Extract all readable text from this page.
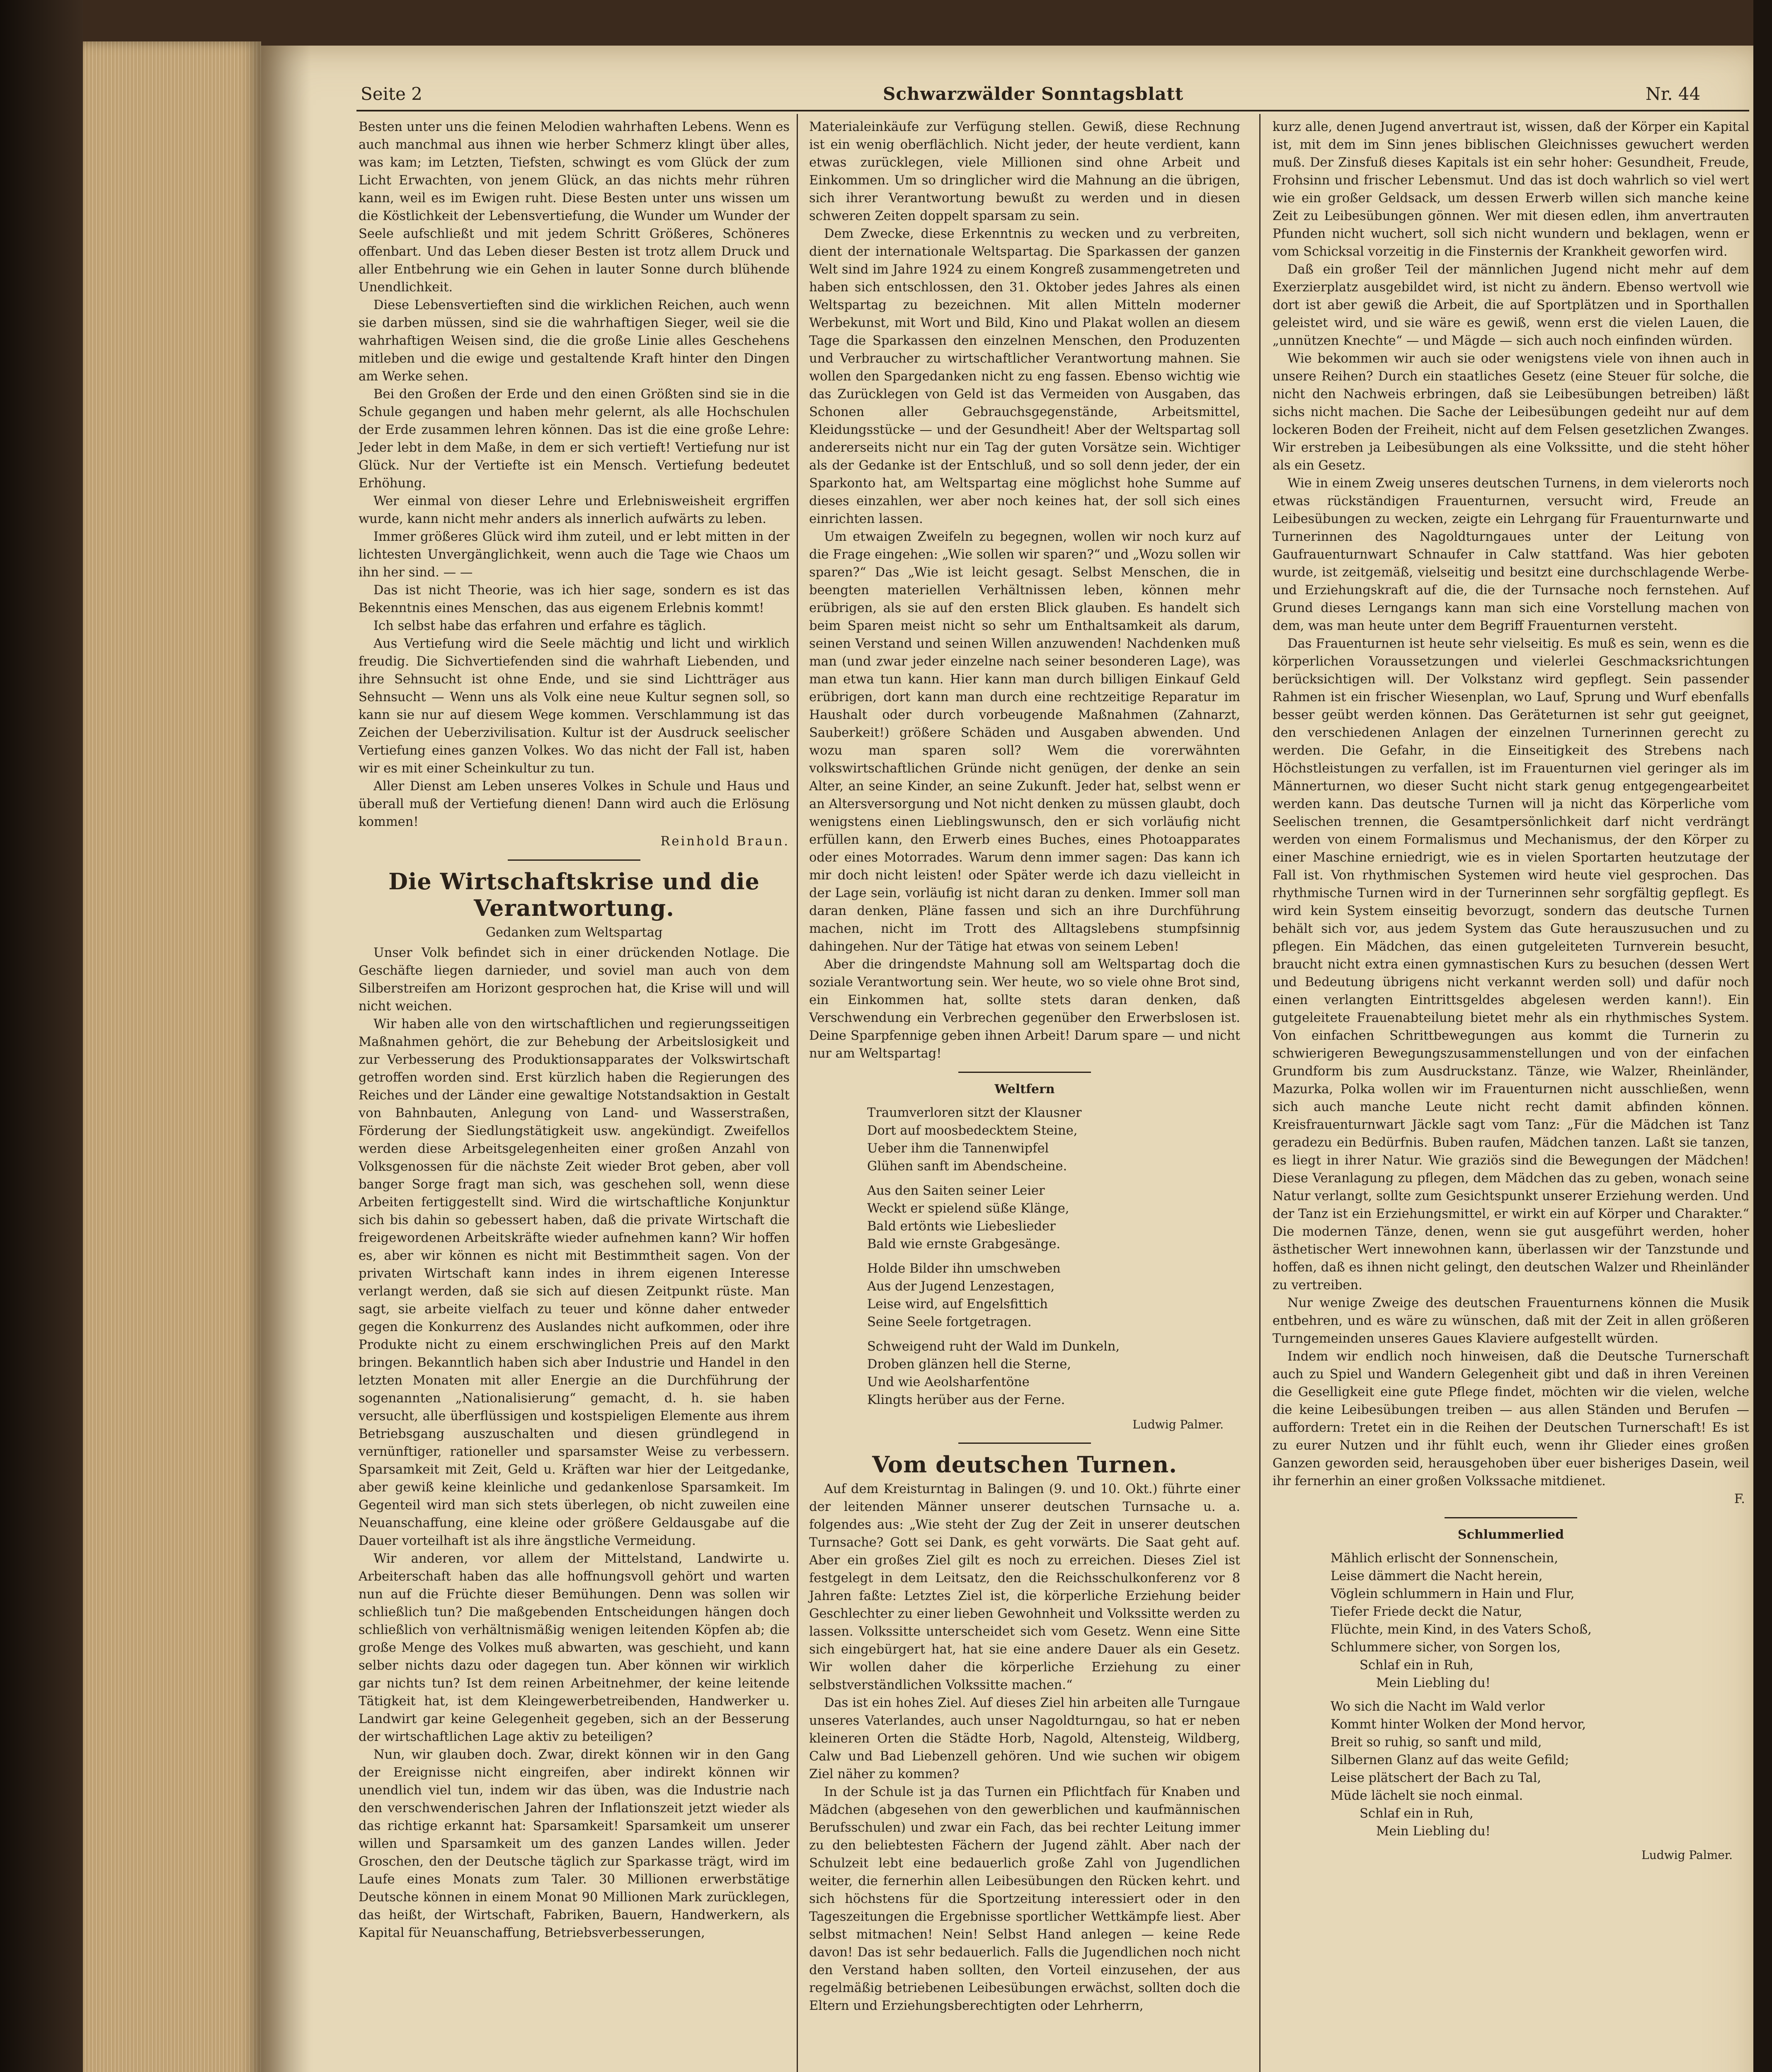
Seite 2	Schwarzwälder Sonntagsblatt	Nr. 44

Besten unter uns die feinen Melodien wahrhaften Lebens. Wenn es auch manchmal aus ihnen wie herber Schmerz klingt über alles, was kam; im Letzten, Tiefsten, schwingt es vom Glück der zum Licht Erwachten, von jenem Glück, an das nichts mehr rühren kann, weil es im Ewigen ruht. Diese Besten unter uns wissen um die Köstlichkeit der Lebensvertiefung, die Wunder um Wunder der Seele aufschließt und mit jedem Schritt Größeres, Schöneres offenbart. Und das Leben dieser Besten ist trotz allem Druck und aller Entbehrung wie ein Gehen in lauter Sonne durch blühende Unendlichkeit.

Diese Lebensvertieften sind die wirklichen Reichen, auch wenn sie darben müssen, sind sie die wahrhaftigen Sieger, weil sie die wahrhaftigen Weisen sind, die die große Linie alles Geschehens mitleben und die ewige und gestaltende Kraft hinter den Dingen am Werke sehen.

Bei den Großen der Erde und den einen Größten sind sie in die Schule gegangen und haben mehr gelernt, als alle Hochschulen der Erde zusammen lehren können. Das ist die eine große Lehre: Jeder lebt in dem Maße, in dem er sich vertieft! Vertiefung nur ist Glück. Nur der Vertiefte ist ein Mensch. Vertiefung bedeutet Erhöhung.

Wer einmal von dieser Lehre und Erlebnisweisheit ergriffen wurde, kann nicht mehr anders als innerlich aufwärts zu leben.

Immer größeres Glück wird ihm zuteil, und er lebt mitten in der lichtesten Unvergänglichkeit, wenn auch die Tage wie Chaos um ihn her sind. — —

Das ist nicht Theorie, was ich hier sage, sondern es ist das Bekenntnis eines Menschen, das aus eigenem Erlebnis kommt!

Ich selbst habe das erfahren und erfahre es täglich.

Aus Vertiefung wird die Seele mächtig und licht und wirklich freudig. Die Sichvertiefenden sind die wahrhaft Liebenden, und ihre Sehnsucht ist ohne Ende, und sie sind Lichtträger aus Sehnsucht — Wenn uns als Volk eine neue Kultur segnen soll, so kann sie nur auf diesem Wege kommen. Verschlammung ist das Zeichen der Ueberzivilisation. Kultur ist der Ausdruck seelischer Vertiefung eines ganzen Volkes. Wo das nicht der Fall ist, haben wir es mit einer Scheinkultur zu tun.

Aller Dienst am Leben unseres Volkes in Schule und Haus und überall muß der Vertiefung dienen! Dann wird auch die Erlösung kommen!

Reinhold Braun.
Die Wirtschaftskrise und die Verantwortung.
Gedanken zum Weltspartag

Unser Volk befindet sich in einer drückenden Notlage. Die Geschäfte liegen darnieder, und soviel man auch von dem Silberstreifen am Horizont gesprochen hat, die Krise will und will nicht weichen.

Wir haben alle von den wirtschaftlichen und regierungsseitigen Maßnahmen gehört, die zur Behebung der Arbeitslosigkeit und zur Verbesserung des Produktionsapparates der Volkswirtschaft getroffen worden sind. Erst kürzlich haben die Regierungen des Reiches und der Länder eine gewaltige Notstandsaktion in Gestalt von Bahnbauten, Anlegung von Land- und Wasserstraßen, Förderung der Siedlungstätigkeit usw. angekündigt. Zweifellos werden diese Arbeitsgelegenheiten einer großen Anzahl von Volksgenossen für die nächste Zeit wieder Brot geben, aber voll banger Sorge fragt man sich, was geschehen soll, wenn diese Arbeiten fertiggestellt sind. Wird die wirtschaftliche Konjunktur sich bis dahin so gebessert haben, daß die private Wirtschaft die freigewordenen Arbeitskräfte wieder aufnehmen kann? Wir hoffen es, aber wir können es nicht mit Bestimmtheit sagen. Von der privaten Wirtschaft kann indes in ihrem eigenen Interesse verlangt werden, daß sie sich auf diesen Zeitpunkt rüste. Man sagt, sie arbeite vielfach zu teuer und könne daher entweder gegen die Konkurrenz des Auslandes nicht aufkommen, oder ihre Produkte nicht zu einem erschwinglichen Preis auf den Markt bringen. Bekanntlich haben sich aber Industrie und Handel in den letzten Monaten mit aller Energie an die Durchführung der sogenannten „Nationalisierung“ gemacht, d. h. sie haben versucht, alle überflüssigen und kostspieligen Elemente aus ihrem Betriebsgang auszuschalten und diesen gründlegend in vernünftiger, rationeller und sparsamster Weise zu verbessern. Sparsamkeit mit Zeit, Geld u. Kräften war hier der Leitgedanke, aber gewiß keine kleinliche und gedankenlose Sparsamkeit. Im Gegenteil wird man sich stets überlegen, ob nicht zuweilen eine Neuanschaffung, eine kleine oder größere Geldausgabe auf die Dauer vorteilhaft ist als ihre ängstliche Vermeidung.

Wir anderen, vor allem der Mittelstand, Landwirte u. Arbeiterschaft haben das alle hoffnungsvoll gehört und warten nun auf die Früchte dieser Bemühungen. Denn was sollen wir schließlich tun? Die maßgebenden Entscheidungen hängen doch schließlich von verhältnismäßig wenigen leitenden Köpfen ab; die große Menge des Volkes muß abwarten, was geschieht, und kann selber nichts dazu oder dagegen tun. Aber können wir wirklich gar nichts tun? Ist dem reinen Arbeitnehmer, der keine leitende Tätigkeit hat, ist dem Kleingewerbetreibenden, Handwerker u. Landwirt gar keine Gelegenheit gegeben, sich an der Besserung der wirtschaftlichen Lage aktiv zu beteiligen?

Nun, wir glauben doch. Zwar, direkt können wir in den Gang der Ereignisse nicht eingreifen, aber indirekt können wir unendlich viel tun, indem wir das üben, was die Industrie nach den verschwenderischen Jahren der Inflationszeit jetzt wieder als das richtige erkannt hat: Sparsamkeit! Sparsamkeit um unserer willen und Sparsamkeit um des ganzen Landes willen. Jeder Groschen, den der Deutsche täglich zur Sparkasse trägt, wird im Laufe eines Monats zum Taler. 30 Millionen erwerbstätige Deutsche können in einem Monat 90 Millionen Mark zurücklegen, das heißt, der Wirtschaft, Fabriken, Bauern, Handwerkern, als Kapital für Neuanschaffung, Betriebsverbesserungen,

Materialeinkäufe zur Verfügung stellen. Gewiß, diese Rechnung ist ein wenig oberflächlich. Nicht jeder, der heute verdient, kann etwas zurücklegen, viele Millionen sind ohne Arbeit und Einkommen. Um so dringlicher wird die Mahnung an die übrigen, sich ihrer Verantwortung bewußt zu werden und in diesen schweren Zeiten doppelt sparsam zu sein.

Dem Zwecke, diese Erkenntnis zu wecken und zu verbreiten, dient der internationale Weltspartag. Die Sparkassen der ganzen Welt sind im Jahre 1924 zu einem Kongreß zusammengetreten und haben sich entschlossen, den 31. Oktober jedes Jahres als einen Weltspartag zu bezeichnen. Mit allen Mitteln moderner Werbekunst, mit Wort und Bild, Kino und Plakat wollen an diesem Tage die Sparkassen den einzelnen Menschen, den Produzenten und Verbraucher zu wirtschaftlicher Verantwortung mahnen. Sie wollen den Spargedanken nicht zu eng fassen. Ebenso wichtig wie das Zurücklegen von Geld ist das Vermeiden von Ausgaben, das Schonen aller Gebrauchsgegenstände, Arbeitsmittel, Kleidungsstücke — und der Gesundheit! Aber der Weltspartag soll andererseits nicht nur ein Tag der guten Vorsätze sein. Wichtiger als der Gedanke ist der Entschluß, und so soll denn jeder, der ein Sparkonto hat, am Weltspartag eine möglichst hohe Summe auf dieses einzahlen, wer aber noch keines hat, der soll sich eines einrichten lassen.

Um etwaigen Zweifeln zu begegnen, wollen wir noch kurz auf die Frage eingehen: „Wie sollen wir sparen?“ und „Wozu sollen wir sparen?“ Das „Wie ist leicht gesagt. Selbst Menschen, die in beengten materiellen Verhältnissen leben, können mehr erübrigen, als sie auf den ersten Blick glauben. Es handelt sich beim Sparen meist nicht so sehr um Enthaltsamkeit als darum, seinen Verstand und seinen Willen anzuwenden! Nachdenken muß man (und zwar jeder einzelne nach seiner besonderen Lage), was man etwa tun kann. Hier kann man durch billigen Einkauf Geld erübrigen, dort kann man durch eine rechtzeitige Reparatur im Haushalt oder durch vorbeugende Maßnahmen (Zahnarzt, Sauberkeit!) größere Schäden und Ausgaben abwenden. Und wozu man sparen soll? Wem die vorerwähnten volkswirtschaftlichen Gründe nicht genügen, der denke an sein Alter, an seine Kinder, an seine Zukunft. Jeder hat, selbst wenn er an Altersversorgung und Not nicht denken zu müssen glaubt, doch wenigstens einen Lieblingswunsch, den er sich vorläufig nicht erfüllen kann, den Erwerb eines Buches, eines Photoapparates oder eines Motorrades. Warum denn immer sagen: Das kann ich mir doch nicht leisten! oder Später werde ich dazu vielleicht in der Lage sein, vorläufig ist nicht daran zu denken. Immer soll man daran denken, Pläne fassen und sich an ihre Durchführung machen, nicht im Trott des Alltagslebens stumpfsinnig dahingehen. Nur der Tätige hat etwas von seinem Leben!

Aber die dringendste Mahnung soll am Weltspartag doch die soziale Verantwortung sein. Wer heute, wo so viele ohne Brot sind, ein Einkommen hat, sollte stets daran denken, daß Verschwendung ein Verbrechen gegenüber den Erwerbslosen ist. Deine Sparpfennige geben ihnen Arbeit! Darum spare — und nicht nur am Weltspartag!

Weltfern
Traumverloren sitzt der Klausner
Dort auf moosbedecktem Steine,
Ueber ihm die Tannenwipfel
Glühen sanft im Abendscheine.
Aus den Saiten seiner Leier
Weckt er spielend süße Klänge,
Bald ertönts wie Liebeslieder
Bald wie ernste Grabgesänge.
Holde Bilder ihn umschweben
Aus der Jugend Lenzestagen,
Leise wird, auf Engelsfittich
Seine Seele fortgetragen.
Schweigend ruht der Wald im Dunkeln,
Droben glänzen hell die Sterne,
Und wie Aeolsharfentöne
Klingts herüber aus der Ferne.
Ludwig Palmer.
Vom deutschen Turnen.

Auf dem Kreisturntag in Balingen (9. und 10. Okt.) führte einer der leitenden Männer unserer deutschen Turnsache u. a. folgendes aus: „Wie steht der Zug der Zeit in unserer deutschen Turnsache? Gott sei Dank, es geht vorwärts. Die Saat geht auf. Aber ein großes Ziel gilt es noch zu erreichen. Dieses Ziel ist festgelegt in dem Leitsatz, den die Reichsschulkonferenz vor 8 Jahren faßte: Letztes Ziel ist, die körperliche Erziehung beider Geschlechter zu einer lieben Gewohnheit und Volkssitte werden zu lassen. Volkssitte unterscheidet sich vom Gesetz. Wenn eine Sitte sich eingebürgert hat, hat sie eine andere Dauer als ein Gesetz. Wir wollen daher die körperliche Erziehung zu einer selbstverständlichen Volkssitte machen.“

Das ist ein hohes Ziel. Auf dieses Ziel hin arbeiten alle Turngaue unseres Vaterlandes, auch unser Nagoldturngau, so hat er neben kleineren Orten die Städte Horb, Nagold, Altensteig, Wildberg, Calw und Bad Liebenzell gehören. Und wie suchen wir obigem Ziel näher zu kommen?

In der Schule ist ja das Turnen ein Pflichtfach für Knaben und Mädchen (abgesehen von den gewerblichen und kaufmännischen Berufsschulen) und zwar ein Fach, das bei rechter Leitung immer zu den beliebtesten Fächern der Jugend zählt. Aber nach der Schulzeit lebt eine bedauerlich große Zahl von Jugendlichen weiter, die fernerhin allen Leibesübungen den Rücken kehrt. und sich höchstens für die Sportzeitung interessiert oder in den Tageszeitungen die Ergebnisse sportlicher Wettkämpfe liest. Aber selbst mitmachen! Nein! Selbst Hand anlegen — keine Rede davon! Das ist sehr bedauerlich. Falls die Jugendlichen noch nicht den Verstand haben sollten, den Vorteil einzusehen, der aus regelmäßig betriebenen Leibesübungen erwächst, sollten doch die Eltern und Erziehungsberechtigten oder Lehrherrn,

kurz alle, denen Jugend anvertraut ist, wissen, daß der Körper ein Kapital ist, mit dem im Sinn jenes biblischen Gleichnisses gewuchert werden muß. Der Zinsfuß dieses Kapitals ist ein sehr hoher: Gesundheit, Freude, Frohsinn und frischer Lebensmut. Und das ist doch wahrlich so viel wert wie ein großer Geldsack, um dessen Erwerb willen sich manche keine Zeit zu Leibesübungen gönnen. Wer mit diesen edlen, ihm anvertrauten Pfunden nicht wuchert, soll sich nicht wundern und beklagen, wenn er vom Schicksal vorzeitig in die Finsternis der Krankheit geworfen wird.

Daß ein großer Teil der männlichen Jugend nicht mehr auf dem Exerzierplatz ausgebildet wird, ist nicht zu ändern. Ebenso wertvoll wie dort ist aber gewiß die Arbeit, die auf Sportplätzen und in Sporthallen geleistet wird, und sie wäre es gewiß, wenn erst die vielen Lauen, die „unnützen Knechte“ — und Mägde — sich auch noch einfinden würden.

Wie bekommen wir auch sie oder wenigstens viele von ihnen auch in unsere Reihen? Durch ein staatliches Gesetz (eine Steuer für solche, die nicht den Nachweis erbringen, daß sie Leibesübungen betreiben) läßt sichs nicht machen. Die Sache der Leibesübungen gedeiht nur auf dem lockeren Boden der Freiheit, nicht auf dem Felsen gesetzlichen Zwanges. Wir erstreben ja Leibesübungen als eine Volkssitte, und die steht höher als ein Gesetz.

Wie in einem Zweig unseres deutschen Turnens, in dem vielerorts noch etwas rückständigen Frauenturnen, versucht wird, Freude an Leibesübungen zu wecken, zeigte ein Lehrgang für Frauenturnwarte und Turnerinnen des Nagoldturngaues unter der Leitung von Gaufrauenturnwart Schnaufer in Calw stattfand. Was hier geboten wurde, ist zeitgemäß, vielseitig und besitzt eine durchschlagende Werbe- und Erziehungskraft auf die, die der Turnsache noch fernstehen. Auf Grund dieses Lerngangs kann man sich eine Vorstellung machen von dem, was man heute unter dem Begriff Frauenturnen versteht.

Das Frauenturnen ist heute sehr vielseitig. Es muß es sein, wenn es die körperlichen Voraussetzungen und vielerlei Geschmacksrichtungen berücksichtigen will. Der Volkstanz wird gepflegt. Sein passender Rahmen ist ein frischer Wiesenplan, wo Lauf, Sprung und Wurf ebenfalls besser geübt werden können. Das Geräteturnen ist sehr gut geeignet, den verschiedenen Anlagen der einzelnen Turnerinnen gerecht zu werden. Die Gefahr, in die Einseitigkeit des Strebens nach Höchstleistungen zu verfallen, ist im Frauenturnen viel geringer als im Männerturnen, wo dieser Sucht nicht stark genug entgegengearbeitet werden kann. Das deutsche Turnen will ja nicht das Körperliche vom Seelischen trennen, die Gesamtpersönlichkeit darf nicht verdrängt werden von einem Formalismus und Mechanismus, der den Körper zu einer Maschine erniedrigt, wie es in vielen Sportarten heutzutage der Fall ist. Von rhythmischen Systemen wird heute viel gesprochen. Das rhythmische Turnen wird in der Turnerinnen sehr sorgfältig gepflegt. Es wird kein System einseitig bevorzugt, sondern das deutsche Turnen behält sich vor, aus jedem System das Gute herauszusuchen und zu pflegen. Ein Mädchen, das einen gutgeleiteten Turnverein besucht, braucht nicht extra einen gymnastischen Kurs zu besuchen (dessen Wert und Bedeutung übrigens nicht verkannt werden soll) und dafür noch einen verlangten Eintrittsgeldes abgelesen werden kann!). Ein gutgeleitete Frauenabteilung bietet mehr als ein rhythmisches System. Von einfachen Schrittbewegungen aus kommt die Turnerin zu schwierigeren Bewegungszusammenstellungen und von der einfachen Grundform bis zum Ausdruckstanz. Tänze, wie Walzer, Rheinländer, Mazurka, Polka wollen wir im Frauenturnen nicht ausschließen, wenn sich auch manche Leute nicht recht damit abfinden können. Kreisfrauenturnwart Jäckle sagt vom Tanz: „Für die Mädchen ist Tanz geradezu ein Bedürfnis. Buben raufen, Mädchen tanzen. Laßt sie tanzen, es liegt in ihrer Natur. Wie graziös sind die Bewegungen der Mädchen! Diese Veranlagung zu pflegen, dem Mädchen das zu geben, wonach seine Natur verlangt, sollte zum Gesichtspunkt unserer Erziehung werden. Und der Tanz ist ein Erziehungsmittel, er wirkt ein auf Körper und Charakter.“ Die modernen Tänze, denen, wenn sie gut ausgeführt werden, hoher ästhetischer Wert innewohnen kann, überlassen wir der Tanzstunde und hoffen, daß es ihnen nicht gelingt, den deutschen Walzer und Rheinländer zu vertreiben.

Nur wenige Zweige des deutschen Frauenturnens können die Musik entbehren, und es wäre zu wünschen, daß mit der Zeit in allen größeren Turngemeinden unseres Gaues Klaviere aufgestellt würden.

Indem wir endlich noch hinweisen, daß die Deutsche Turnerschaft auch zu Spiel und Wandern Gelegenheit gibt und daß in ihren Vereinen die Geselligkeit eine gute Pflege findet, möchten wir die vielen, welche die keine Leibesübungen treiben — aus allen Ständen und Berufen — auffordern: Tretet ein in die Reihen der Deutschen Turnerschaft! Es ist zu eurer Nutzen und ihr fühlt euch, wenn ihr Glieder eines großen Ganzen geworden seid, herausgehoben über euer bisheriges Dasein, weil ihr fernerhin an einer großen Volkssache mitdienet.

F.
Schlummerlied
Mählich erlischt der Sonnenschein,
Leise dämmert die Nacht herein,
Vöglein schlummern in Hain und Flur,
Tiefer Friede deckt die Natur,
Flüchte, mein Kind, in des Vaters Schoß,
Schlummere sicher, von Sorgen los,
Schlaf ein in Ruh,
Mein Liebling du!
Wo sich die Nacht im Wald verlor
Kommt hinter Wolken der Mond hervor,
Breit so ruhig, so sanft und mild,
Silbernen Glanz auf das weite Gefild;
Leise plätschert der Bach zu Tal,
Müde lächelt sie noch einmal.
Schlaf ein in Ruh,
Mein Liebling du!
Ludwig Palmer.
